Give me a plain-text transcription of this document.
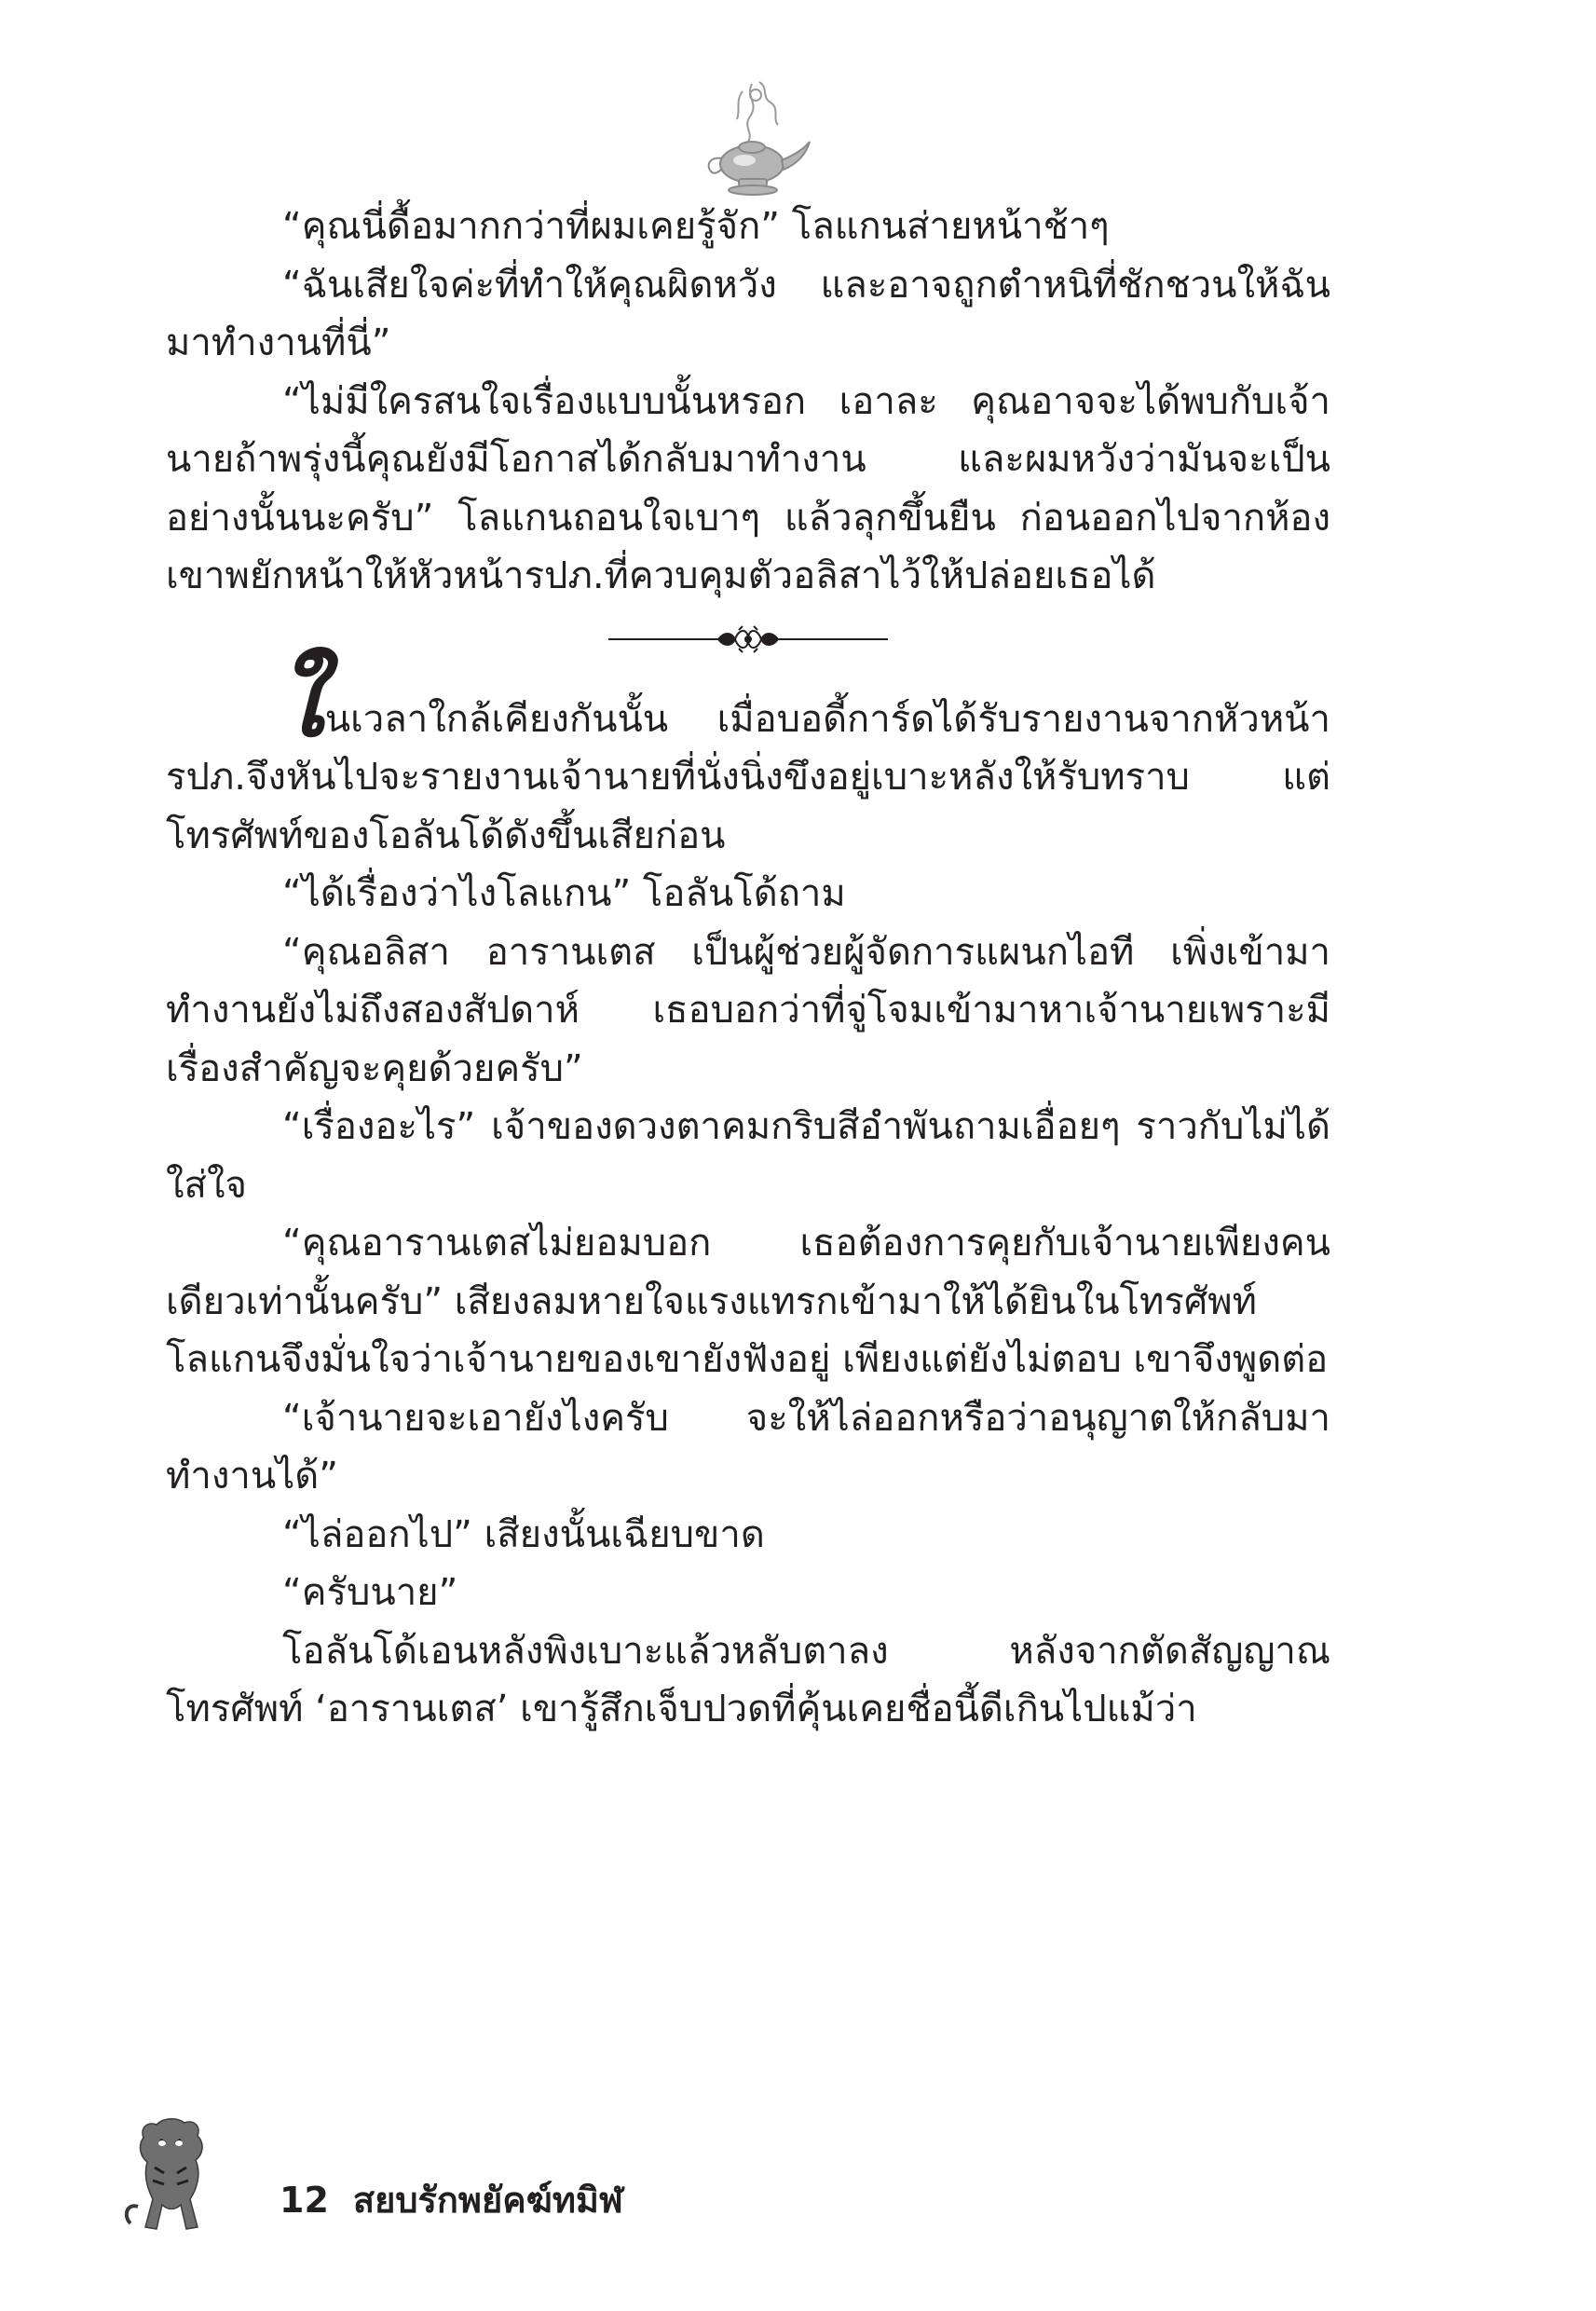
“คุณนี่ดื้อมากกว่าที่ผมเคยรู้จัก” โลแกนส่ายหน้าช้าๆ

“ฉันเสียใจค่ะที่ทำให้คุณผิดหวัง และอาจถูกตำหนิที่ชักชวนให้ฉันมาทำงานที่นี่”

“ไม่มีใครสนใจเรื่องแบบนั้นหรอก เอาละ คุณอาจจะได้พบกับเจ้านายถ้าพรุ่งนี้คุณยังมีโอกาสได้กลับมาทำงาน และผมหวังว่ามันจะเป็นอย่างนั้นนะครับ” โลแกนถอนใจเบาๆ แล้วลุกขึ้นยืน ก่อนออกไปจากห้องเขาพยักหน้าให้หัวหน้ารปภ.ที่ควบคุมตัวอลิสาไว้ให้ปล่อยเธอได้

ในเวลาใกล้เคียงกันนั้น เมื่อบอดี้การ์ดได้รับรายงานจากหัวหน้ารปภ.จึงหันไปจะรายงานเจ้านายที่นั่งนิ่งขึงอยู่เบาะหลังให้รับทราบ แต่โทรศัพท์ของโอลันโด้ดังขึ้นเสียก่อน

“ได้เรื่องว่าไงโลแกน” โอลันโด้ถาม

“คุณอลิสา อารานเตส เป็นผู้ช่วยผู้จัดการแผนกไอที เพิ่งเข้ามาทำงานยังไม่ถึงสองสัปดาห์ เธอบอกว่าที่จู่โจมเข้ามาหาเจ้านายเพราะมีเรื่องสำคัญจะคุยด้วยครับ”

“เรื่องอะไร” เจ้าของดวงตาคมกริบสีอำพันถามเอื่อยๆ ราวกับไม่ได้ใส่ใจ

“คุณอารานเตสไม่ยอมบอก เธอต้องการคุยกับเจ้านายเพียงคนเดียวเท่านั้นครับ” เสียงลมหายใจแรงแทรกเข้ามาให้ได้ยินในโทรศัพท์

โลแกนจึงมั่นใจว่าเจ้านายของเขายังฟังอยู่ เพียงแต่ยังไม่ตอบ เขาจึงพูดต่อ

“เจ้านายจะเอายังไงครับ จะให้ไล่ออกหรือว่าอนุญาตให้กลับมาทำงานได้”

“ไล่ออกไป” เสียงนั้นเฉียบขาด

“ครับนาย”

โอลันโด้เอนหลังพิงเบาะแล้วหลับตาลง หลังจากตัดสัญญาณโทรศัพท์ ‘อารานเตส’ เขารู้สึกเจ็บปวดที่คุ้นเคยชื่อนี้ดีเกินไปแม้ว่า

12 สยบรักพยัคฆ์ทมิฬ
